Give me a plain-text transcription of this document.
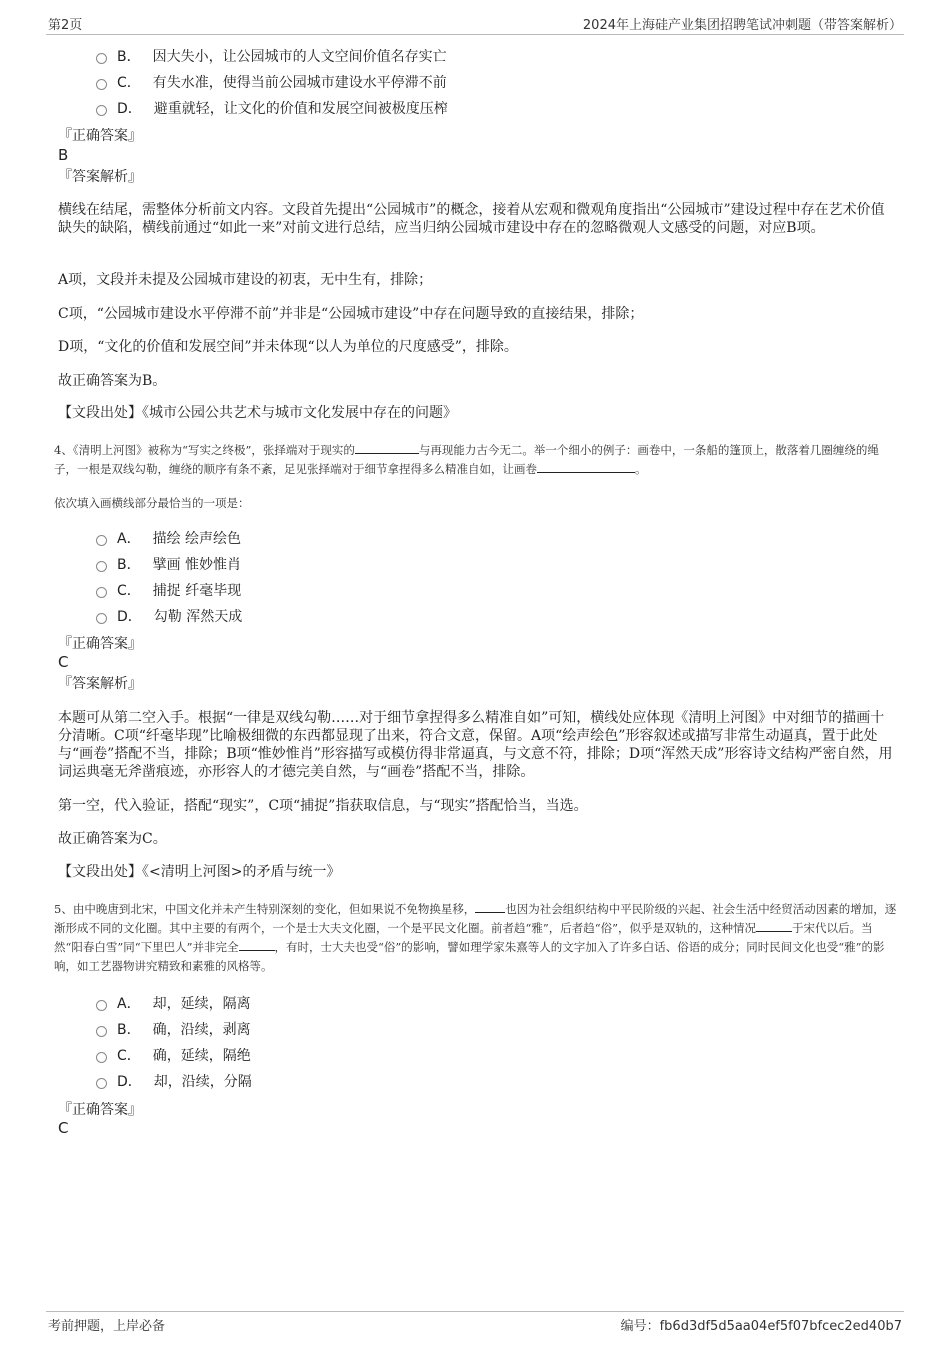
第2页	2024年上海硅产业集团招聘笔试冲刺题（带答案解析）
B． 因大失小，让公园城市的人文空间价值名存实亡
C． 有失水准，使得当前公园城市建设水平停滞不前
D． 避重就轻，让文化的价值和发展空间被极度压榨
『正确答案』
B
『答案解析』
横线在结尾，需整体分析前文内容。文段首先提出“公园城市”的概念，接着从宏观和微观角度指出“公园城市”建设过程中存在艺术价值缺失的缺陷，横线前通过“如此一来”对前文进行总结，应当归纳公园城市建设中存在的忽略微观人文感受的问题，对应B项。
A项，文段并未提及公园城市建设的初衷，无中生有，排除；
C项，“公园城市建设水平停滞不前”并非是“公园城市建设”中存在问题导致的直接结果，排除；
D项，“文化的价值和发展空间”并未体现“以人为单位的尺度感受”，排除。
故正确答案为B。
【文段出处】《城市公园公共艺术与城市文化发展中存在的问题》
4、《清明上河图》被称为“写实之终极”，张择端对于现实的	与再现能力古今无二。举一个细小的例子：画卷中，一条船的篷顶上，散落着几圈缠绕的绳子，一根是双线勾勒，缠绕的顺序有条不紊，足见张择端对于细节拿捏得多么精准自如，让画卷	。
依次填入画横线部分最恰当的一项是：
A． 描绘 绘声绘色
B． 擘画 惟妙惟肖
C． 捕捉 纤毫毕现
D． 勾勒 浑然天成
『正确答案』
C
『答案解析』
本题可从第二空入手。根据“一律是双线勾勒……对于细节拿捏得多么精准自如”可知，横线处应体现《清明上河图》中对细节的描画十分清晰。C项“纤毫毕现”比喻极细微的东西都显现了出来，符合文意，保留。A项“绘声绘色”形容叙述或描写非常生动逼真，置于此处与“画卷”搭配不当，排除；B项“惟妙惟肖”形容描写或模仿得非常逼真，与文意不符，排除；D项“浑然天成”形容诗文结构严密自然，用词运典毫无斧凿痕迹，亦形容人的才德完美自然，与“画卷”搭配不当，排除。
第一空，代入验证，搭配“现实”，C项“捕捉”指获取信息，与“现实”搭配恰当，当选。
故正确答案为C。
【文段出处】《<清明上河图>的矛盾与统一》
5、由中晚唐到北宋，中国文化并未产生特别深刻的变化，但如果说不免物换星移，	也因为社会组织结构中平民阶级的兴起、社会生活中经贸活动因素的增加，逐渐形成不同的文化圈。其中主要的有两个，一个是士大夫文化圈，一个是平民文化圈。前者趋“雅”，后者趋“俗”，似乎是双轨的，这种情况	于宋代以后。当然“阳春白雪”同“下里巴人”并非完全	，有时，士大夫也受“俗”的影响，譬如理学家朱熹等人的文字加入了许多白话、俗语的成分；同时民间文化也受“雅”的影响，如工艺器物讲究精致和素雅的风格等。
A． 却，延续，隔离
B． 确，沿续，剥离
C． 确，延续，隔绝
D． 却，沿续，分隔
『正确答案』
C
考前押题，上岸必备	编号：fb6d3df5d5aa04ef5f07bfcec2ed40b7
